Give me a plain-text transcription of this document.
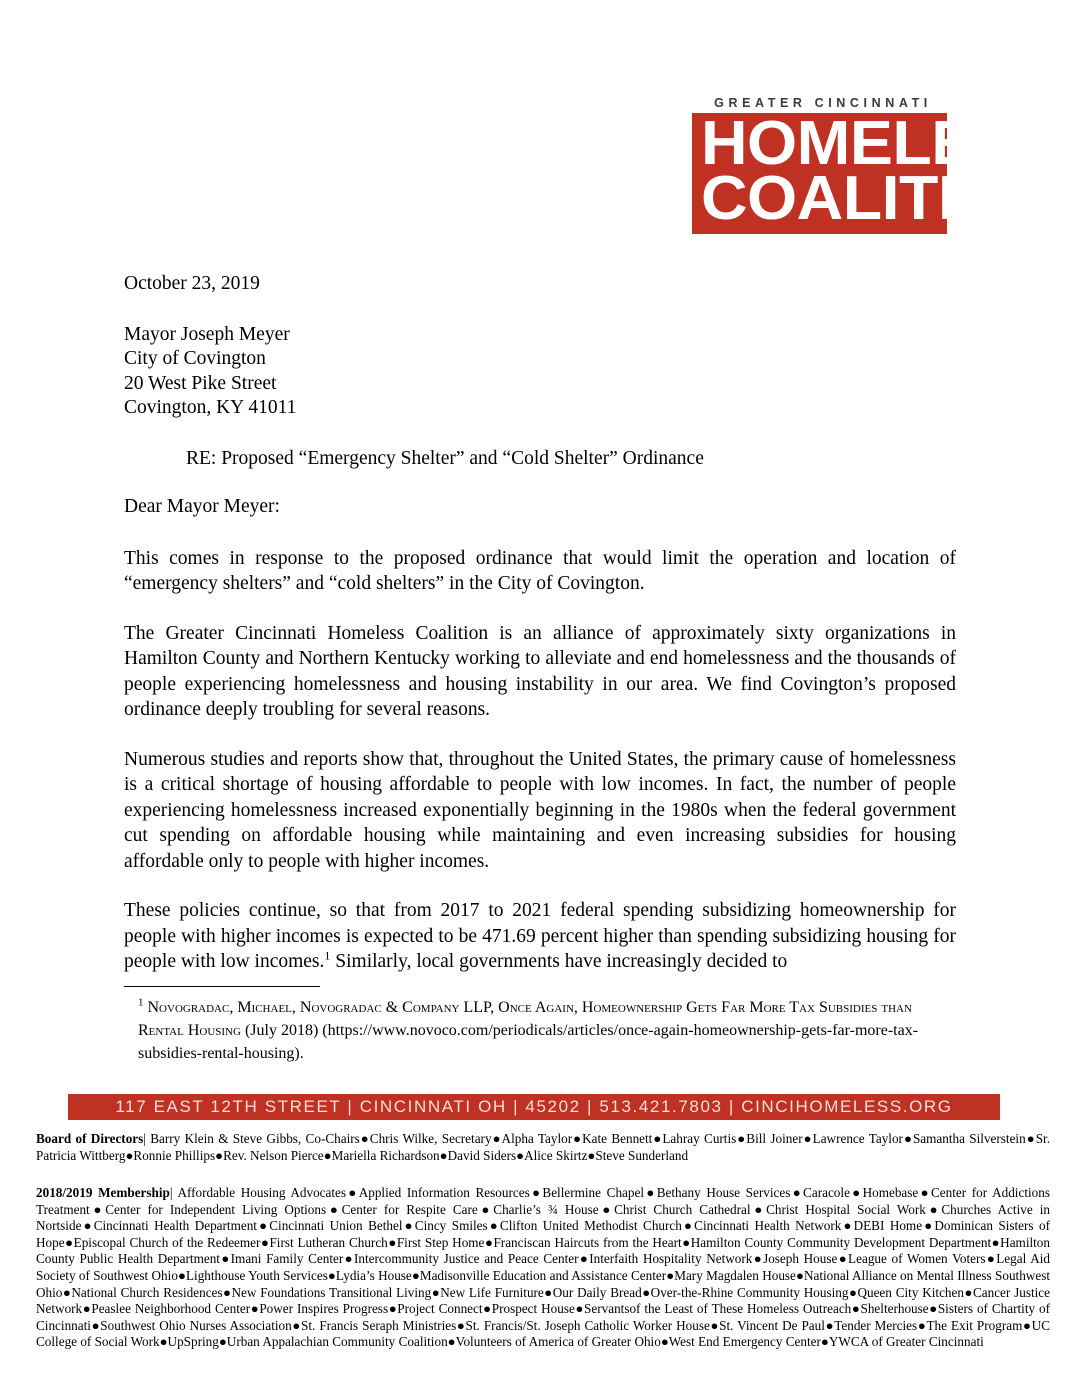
GREATER CINCINNATI
HOMELESS
COALITION
October 23, 2019
Mayor Joseph Meyer
City of Covington
20 West Pike Street
Covington, KY 41011
RE: Proposed “Emergency Shelter” and “Cold Shelter” Ordinance
Dear Mayor Meyer:

This comes in response to the proposed ordinance that would limit the operation and location of “emergency shelters” and “cold shelters” in the City of Covington.

The Greater Cincinnati Homeless Coalition is an alliance of approximately sixty organizations in Hamilton County and Northern Kentucky working to alleviate and end homelessness and the thousands of people experiencing homelessness and housing instability in our area. We find Covington’s proposed ordinance deeply troubling for several reasons.

Numerous studies and reports show that, throughout the United States, the primary cause of homelessness is a critical shortage of housing affordable to people with low incomes. In fact, the number of people experiencing homelessness increased exponentially beginning in the 1980s when the federal government cut spending on affordable housing while maintaining and even increasing subsidies for housing affordable only to people with higher incomes.

These policies continue, so that from 2017 to 2021 federal spending subsidizing homeownership for people with higher incomes is expected to be 471.69 percent higher than spending subsidizing housing for people with low incomes.$^1$ Similarly, local governments have increasingly decided to

$^1$ Novogradac, Michael, Novogradac & Company LLP, Once Again, Homeownership Gets Far More Tax Subsidies than Rental Housing (July 2018) (https://www.novoco.com/periodicals/articles/once-again-homeownership-gets-far-more-tax-subsidies-rental-housing).
117 EAST 12TH STREET | CINCINNATI OH | 45202 | 513.421.7803 | CINCIHOMELESS.ORG
Board of Directors| Barry Klein & Steve Gibbs, Co-Chairs●Chris Wilke, Secretary●Alpha Taylor●Kate Bennett●Lahray Curtis●Bill Joiner●Lawrence Taylor●Samantha Silverstein●Sr. Patricia Wittberg●Ronnie Phillips●Rev. Nelson Pierce●Mariella Richardson●David Siders●Alice Skirtz●Steve Sunderland
2018/2019 Membership| Affordable Housing Advocates●Applied Information Resources●Bellermine Chapel●Bethany House Services●Caracole●Homebase●Center for Addictions Treatment●Center for Independent Living Options●Center for Respite Care●Charlie’s ¾ House●Christ Church Cathedral●Christ Hospital Social Work●Churches Active in Nortside●Cincinnati Health Department●Cincinnati Union Bethel●Cincy Smiles●Clifton United Methodist Church●Cincinnati Health Network●DEBI Home●Dominican Sisters of Hope●Episcopal Church of the Redeemer●First Lutheran Church●First Step Home●Franciscan Haircuts from the Heart●Hamilton County Community Development Department●Hamilton County Public Health Department●Imani Family Center●Intercommunity Justice and Peace Center●Interfaith Hospitality Network●Joseph House●League of Women Voters●Legal Aid Society of Southwest Ohio●Lighthouse Youth Services●Lydia’s House●Madisonville Education and Assistance Center●Mary Magdalen House●National Alliance on Mental Illness Southwest Ohio●National Church Residences●New Foundations Transitional Living●New Life Furniture●Our Daily Bread●Over-the-Rhine Community Housing●Queen City Kitchen●Cancer Justice Network●Peaslee Neighborhood Center●Power Inspires Progress●Project Connect●Prospect House●Servantsof the Least of These Homeless Outreach●Shelterhouse●Sisters of Chartity of Cincinnati●Southwest Ohio Nurses Association●St. Francis Seraph Ministries●St. Francis/St. Joseph Catholic Worker House●St. Vincent De Paul●Tender Mercies●The Exit Program●UC College of Social Work●UpSpring●Urban Appalachian Community Coalition●Volunteers of America of Greater Ohio●West End Emergency Center●YWCA of Greater Cincinnati
